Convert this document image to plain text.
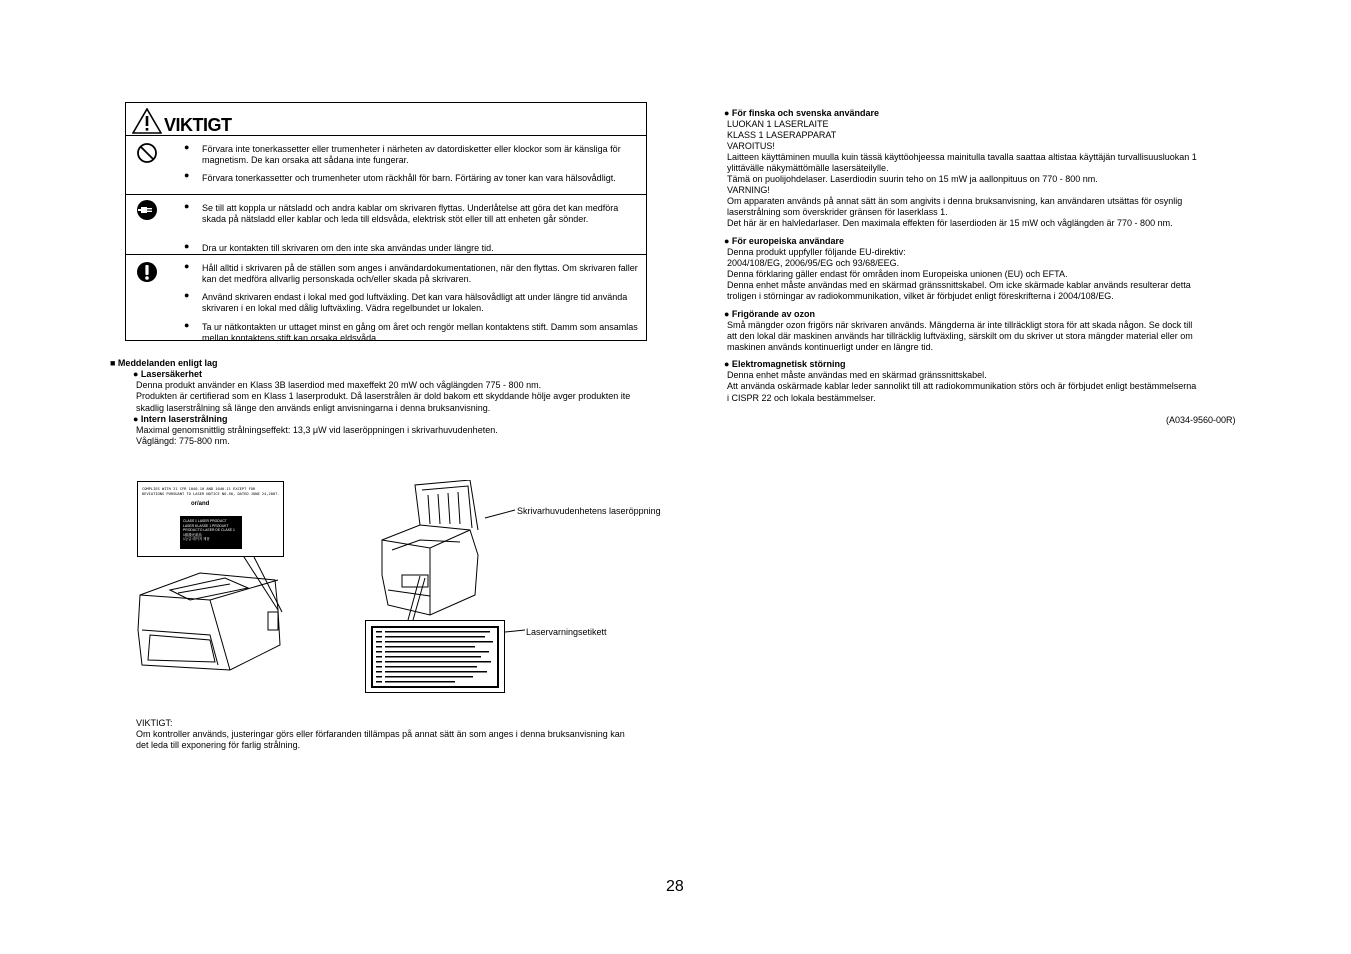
VIKTIGT
●	Förvara inte tonerkassetter eller trumenheter i närheten av datordisketter eller klockor som är känsliga för magnetism. De kan orsaka att sådana inte fungerar.
●	Förvara tonerkassetter och trumenheter utom räckhåll för barn. Förtäring av toner kan vara hälsovådligt.
●	Se till att koppla ur nätsladd och andra kablar om skrivaren flyttas. Underlåtelse att göra det kan medföra skada på nätsladd eller kablar och leda till eldsvåda, elektrisk stöt eller till att enheten går sönder.
●	Dra ur kontakten till skrivaren om den inte ska användas under längre tid.
●	Håll alltid i skrivaren på de ställen som anges i användardokumentationen, när den flyttas. Om skrivaren faller kan det medföra allvarlig personskada och/eller skada på skrivaren.
●	Använd skrivaren endast i lokal med god luftväxling. Det kan vara hälsovådligt att under längre tid använda skrivaren i en lokal med dålig luftväxling. Vädra regelbundet ur lokalen.
●	Ta ur nätkontakten ur uttaget minst en gång om året och rengör mellan kontaktens stift. Damm som ansamlas mellan kontaktens stift kan orsaka eldsvåda.
■ Meddelanden enligt lag
● Lasersäkerhet
Denna produkt använder en Klass 3B laserdiod med maxeffekt 20 mW och våglängden 775 - 800 nm.
Produkten är certifierad som en Klass 1 laserprodukt. Då laserstrålen är dold bakom ett skyddande hölje avger produkten ite
skadlig laserstrålning så länge den används enligt anvisningarna i denna bruksanvisning.
● Intern laserstrålning
Maximal genomsnittlig strålningseffekt: 13,3 μW vid laseröppningen i skrivarhuvudenheten.
Våglängd: 775-800 nm.
COMPLIES WITH 21 CFR 1040.10 AND 1040.11 EXCEPT FOR
DEVIATIONS PURSUANT TO LASER NOTICE NO.50, DATED JUNE 24,2007.
or/and
CLASS 1 LASER PRODUCT
LASER KLASSE 1 PRODUKT
PRODUCTO LASER DE CLASE 1
1級激光產品
1등급 레이저 제품
Skrivarhuvudenhetens laseröppning
Laservarningsetikett
VIKTIGT:
Om kontroller används, justeringar görs eller förfaranden tillämpas på annat sätt än som anges i denna bruksanvisning kan
det leda till exponering för farlig strålning.
● För finska och svenska användare
LUOKAN 1 LASERLAITE
KLASS 1 LASERAPPARAT
VAROITUS!
Laitteen käyttäminen muulla kuin tässä käyttöohjeessa mainitulla tavalla saattaa altistaa käyttäjän turvallisuusluokan 1
ylittävälle näkymättömälle lasersäteilylle.
Tämä on puolijohdelaser. Laserdiodin suurin teho on 15 mW ja aallonpituus on 770 - 800 nm.
VARNING!
Om apparaten används på annat sätt än som angivits i denna bruksanvisning, kan användaren utsättas för osynlig
laserstrålning som överskrider gränsen för laserklass 1.
Det här är en halvledarlaser. Den maximala effekten för laserdioden är 15 mW och våglängden är 770 - 800 nm.
● För europeiska användare
Denna produkt uppfyller följande EU-direktiv:
2004/108/EG, 2006/95/EG och 93/68/EEG.
Denna förklaring gäller endast för områden inom Europeiska unionen (EU) och EFTA.
Denna enhet måste användas med en skärmad gränssnittskabel. Om icke skärmade kablar används resulterar detta
troligen i störningar av radiokommunikation, vilket är förbjudet enligt föreskrifterna i 2004/108/EG.
● Frigörande av ozon
Små mängder ozon frigörs när skrivaren används. Mängderna är inte tillräckligt stora för att skada någon. Se dock till
att den lokal där maskinen används har tillräcklig luftväxling, särskilt om du skriver ut stora mängder material eller om
maskinen används kontinuerligt under en längre tid.
● Elektromagnetisk störning
Denna enhet måste användas med en skärmad gränssnittskabel.
Att använda oskärmade kablar leder sannolikt till att radiokommunikation störs och är förbjudet enligt bestämmelserna
i CISPR 22 och lokala bestämmelser.
(A034-9560-00R)
28
